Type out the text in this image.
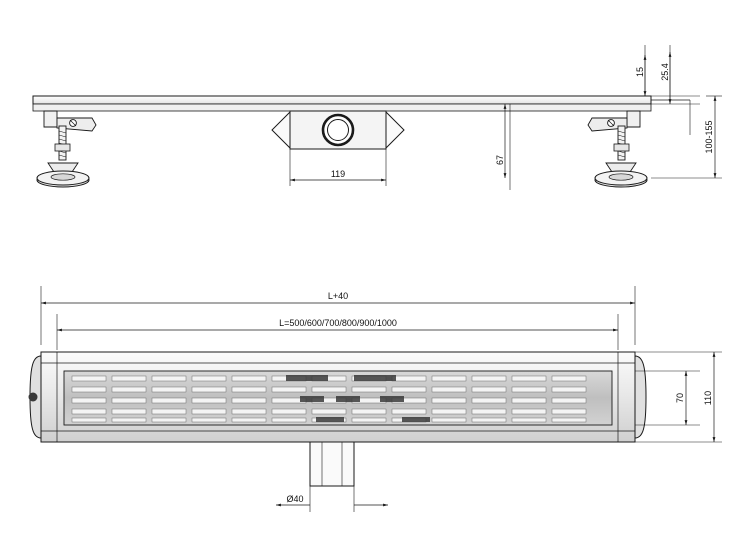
15 25.4
100-155
119
67
L+40
L=500/600/700/800/900/1000
Ø40
70 110
